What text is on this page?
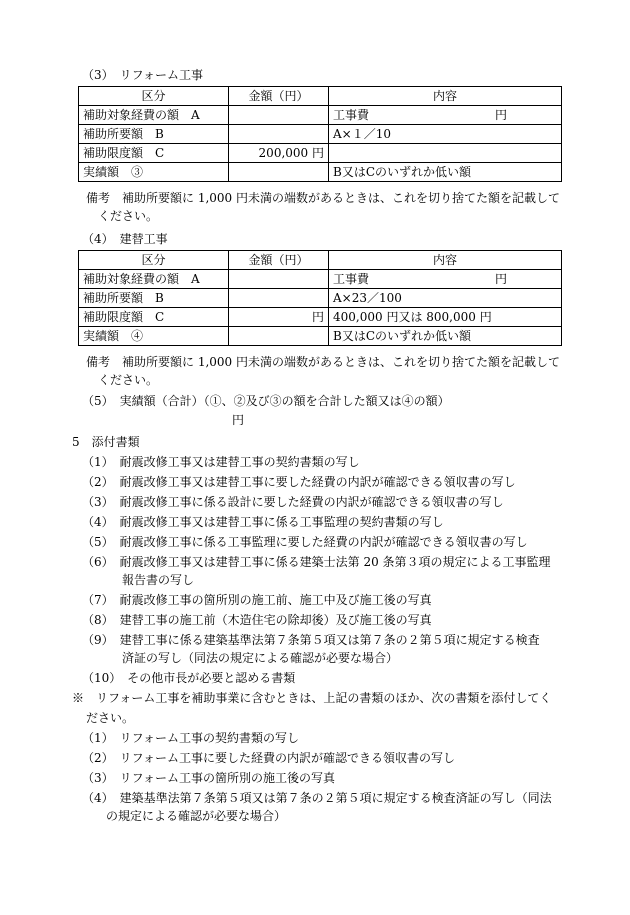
（3）　リフォーム工事
区分	金額（円）	内容
補助対象経費の額　A		工事費 円

補助所要額　B		A×１／10
補助限度額　C	200,000 円	
実績額　③		B又はCのいずれか低い額
備考　補助所要額に 1,000 円未満の端数があるときは、これを切り捨てた額を記載して
ください。
（4）　建替工事
区分	金額（円）	内容
補助対象経費の額　A		工事費 円

補助所要額　B		A×23／100
補助限度額　C	円	400,000 円又は 800,000 円
実績額　④		B又はCのいずれか低い額
備考　補助所要額に 1,000 円未満の端数があるときは、これを切り捨てた額を記載して
ください。
（5）　実績額（合計）（①、②及び③の額を合計した額又は④の額）
円
5　添付書類
（1）　耐震改修工事又は建替工事の契約書類の写し
（2）　耐震改修工事又は建替工事に要した経費の内訳が確認できる領収書の写し
（3）　耐震改修工事に係る設計に要した経費の内訳が確認できる領収書の写し
（4）　耐震改修工事又は建替工事に係る工事監理の契約書類の写し
（5）　耐震改修工事に係る工事監理に要した経費の内訳が確認できる領収書の写し
（6）　耐震改修工事又は建替工事に係る建築士法第 20 条第３項の規定による工事監理
報告書の写し
（7）　耐震改修工事の箇所別の施工前、施工中及び施工後の写真
（8）　建替工事の施工前（木造住宅の除却後）及び施工後の写真
（9）　建替工事に係る建築基準法第７条第５項又は第７条の２第５項に規定する検査
済証の写し（同法の規定による確認が必要な場合）
（10）　その他市長が必要と認める書類
※　リフォーム工事を補助事業に含むときは、上記の書類のほか、次の書類を添付してく
ださい。
（1）　リフォーム工事の契約書類の写し
（2）　リフォーム工事に要した経費の内訳が確認できる領収書の写し
（3）　リフォーム工事の箇所別の施工後の写真
（4）　建築基準法第７条第５項又は第７条の２第５項に規定する検査済証の写し（同法
の規定による確認が必要な場合）
